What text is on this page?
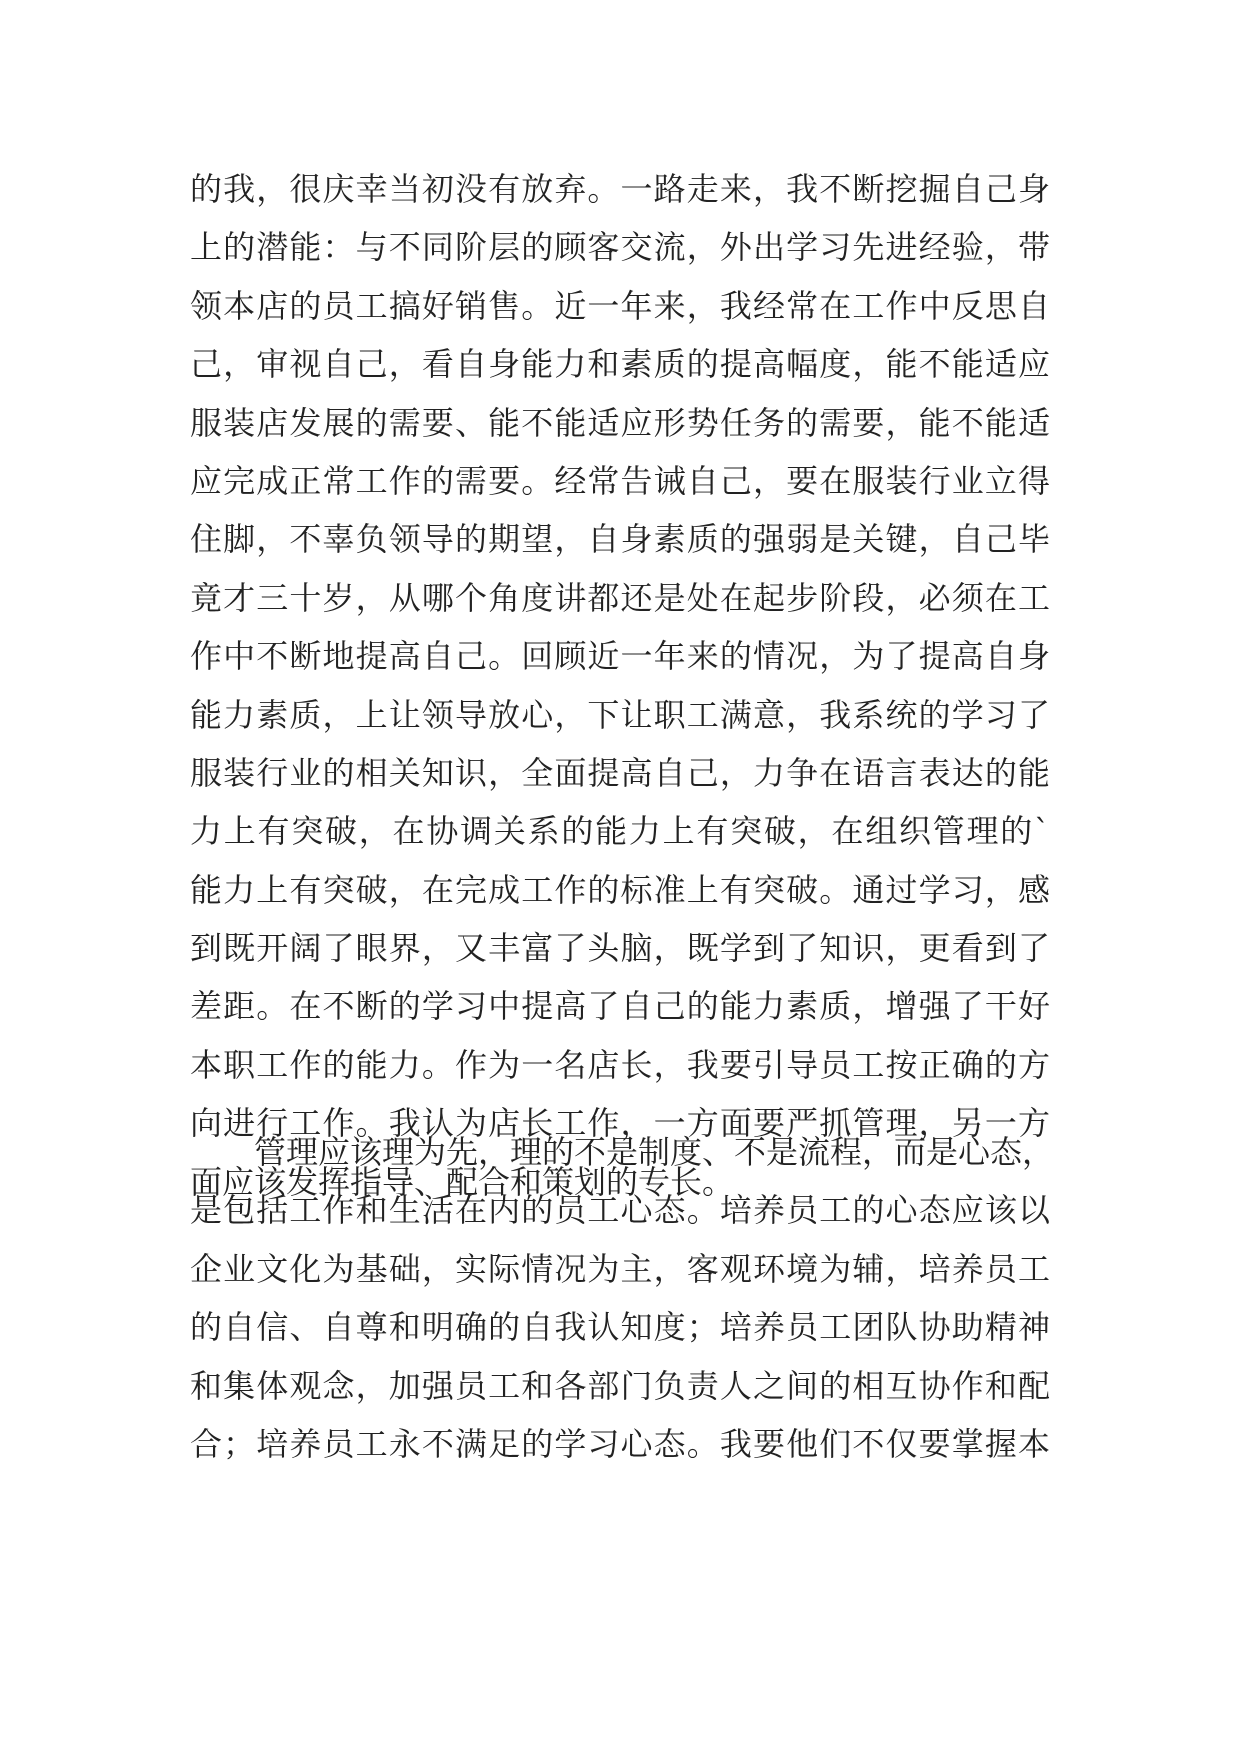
的我，很庆幸当初没有放弃。一路走来，我不断挖掘自己身
上的潜能：与不同阶层的顾客交流，外出学习先进经验，带
领本店的员工搞好销售。近一年来，我经常在工作中反思自
己，审视自己，看自身能力和素质的提高幅度，能不能适应
服装店发展的需要、能不能适应形势任务的需要，能不能适
应完成正常工作的需要。经常告诫自己，要在服装行业立得
住脚，不辜负领导的期望，自身素质的强弱是关键，自己毕
竟才三十岁，从哪个角度讲都还是处在起步阶段，必须在工
作中不断地提高自己。回顾近一年来的情况，为了提高自身
能力素质，上让领导放心，下让职工满意，我系统的学习了
服装行业的相关知识，全面提高自己，力争在语言表达的能
力上有突破，在协调关系的能力上有突破，在组织管理的`
能力上有突破，在完成工作的标准上有突破。通过学习，感
到既开阔了眼界，又丰富了头脑，既学到了知识，更看到了
差距。在不断的学习中提高了自己的能力素质，增强了干好
本职工作的能力。作为一名店长，我要引导员工按正确的方
向进行工作。我认为店长工作，一方面要严抓管理，另一方
面应该发挥指导、配合和策划的专长。
管理应该理为先，理的不是制度、不是流程，而是心态，
是包括工作和生活在内的员工心态。培养员工的心态应该以
企业文化为基础，实际情况为主，客观环境为辅，培养员工
的自信、自尊和明确的自我认知度；培养员工团队协助精神
和集体观念，加强员工和各部门负责人之间的相互协作和配
合；培养员工永不满足的学习心态。我要他们不仅要掌握本
